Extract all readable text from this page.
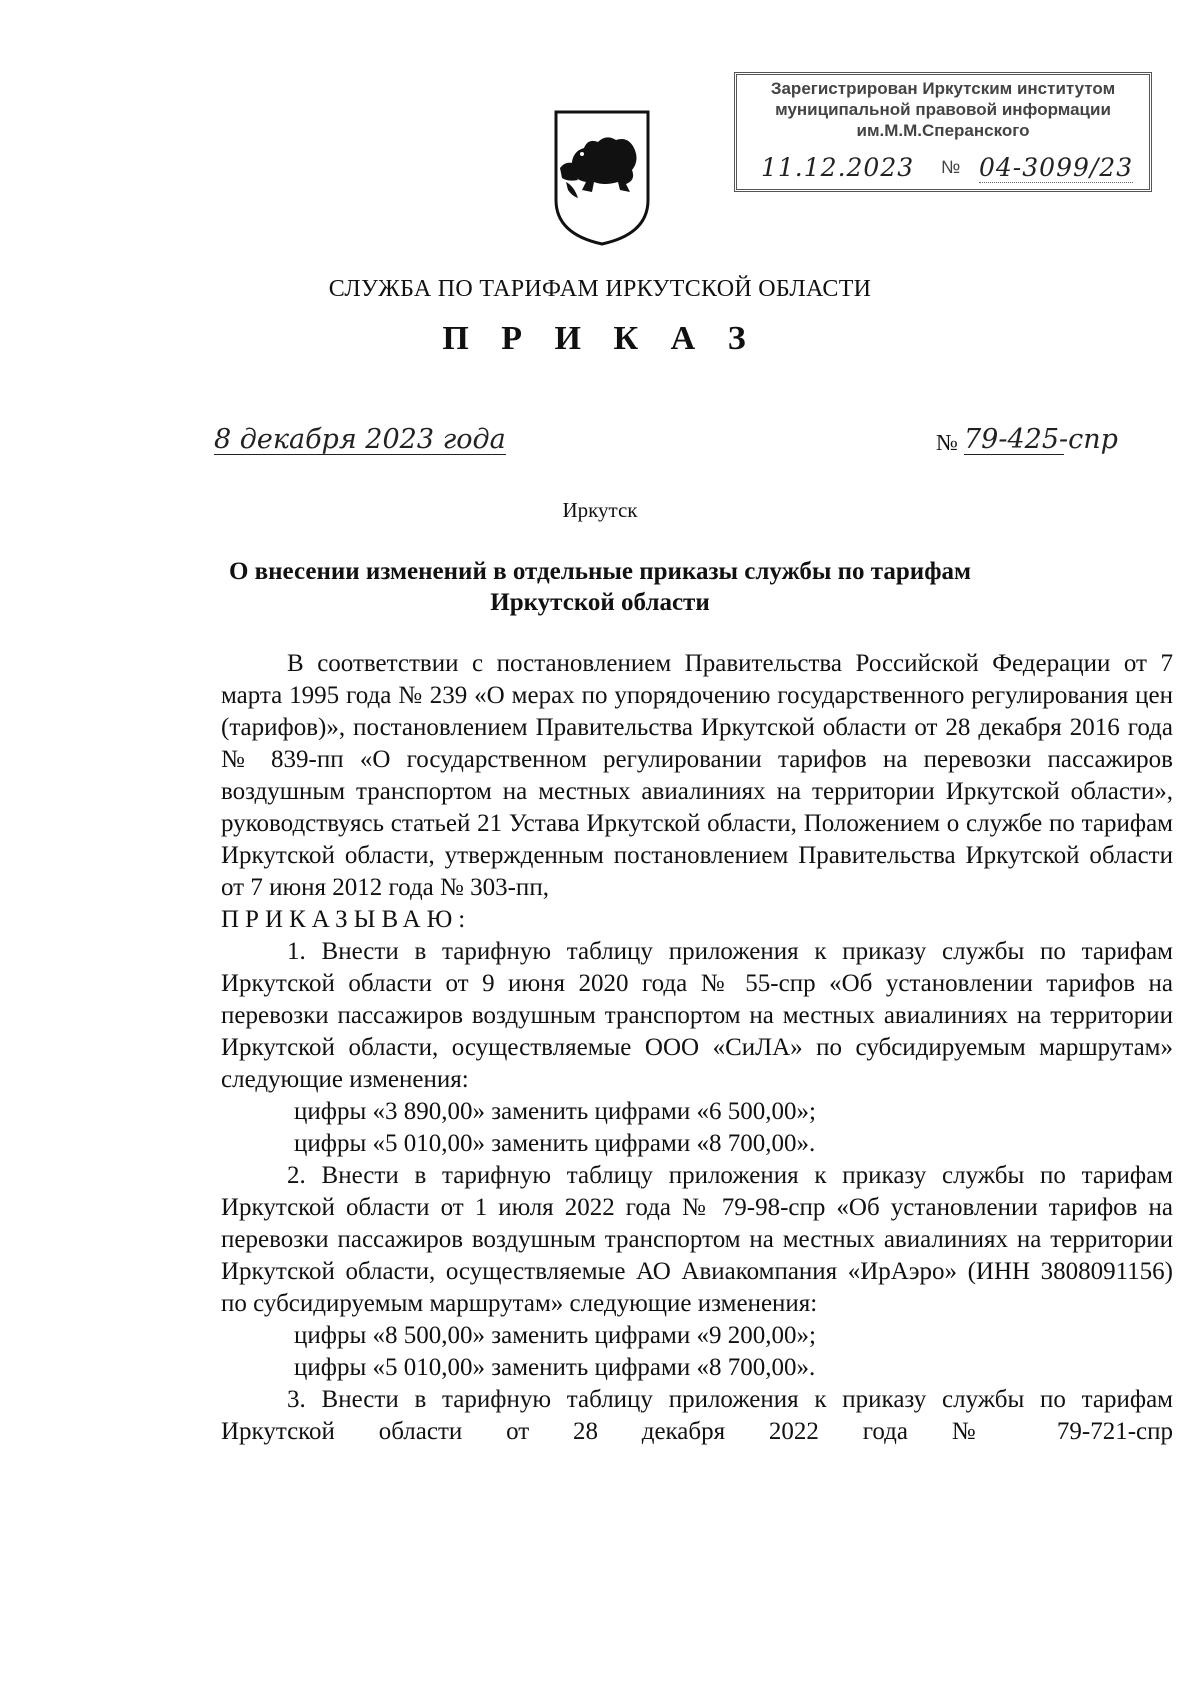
Зарегистрирован Иркутским институтом
муниципальной правовой информации
им.М.М.Сперанского
11.12.2023 № 04-3099/23
СЛУЖБА ПО ТАРИФАМ ИРКУТСКОЙ ОБЛАСТИ
П Р И К А З
8 декабря 2023 года	№ 79-425-спр
Иркутск
О внесении изменений в отдельные приказы службы по тарифам
Иркутской области

В соответствии с постановлением Правительства Российской Федерации от 7 марта 1995 года № 239 «О мерах по упорядочению государственного регулирования цен (тарифов)», постановлением Правительства Иркутской области от 28 декабря 2016 года № 839-пп «О государственном регулировании тарифов на перевозки пассажиров воздушным транспортом на местных авиалиниях на территории Иркутской области», руководствуясь статьей 21 Устава Иркутской области, Положением о службе по тарифам Иркутской области, утвержденным постановлением Правительства Иркутской области от 7 июня 2012 года № 303-пп,

ПРИКАЗЫВАЮ:

1. Внести в тарифную таблицу приложения к приказу службы по тарифам Иркутской области от 9 июня 2020 года № 55-спр «Об установлении тарифов на перевозки пассажиров воздушным транспортом на местных авиалиниях на территории Иркутской области, осуществляемые ООО «СиЛА» по субсидируемым маршрутам» следующие изменения:

цифры «3 890,00» заменить цифрами «6 500,00»;

цифры «5 010,00» заменить цифрами «8 700,00».

2. Внести в тарифную таблицу приложения к приказу службы по тарифам Иркутской области от 1 июля 2022 года № 79-98-спр «Об установлении тарифов на перевозки пассажиров воздушным транспортом на местных авиалиниях на территории Иркутской области, осуществляемые АО Авиакомпания «ИрАэро» (ИНН 3808091156) по субсидируемым маршрутам» следующие изменения:

цифры «8 500,00» заменить цифрами «9 200,00»;

цифры «5 010,00» заменить цифрами «8 700,00».

3. Внести в тарифную таблицу приложения к приказу службы по тарифам Иркутской области от 28 декабря 2022 года № 79-721-спр
